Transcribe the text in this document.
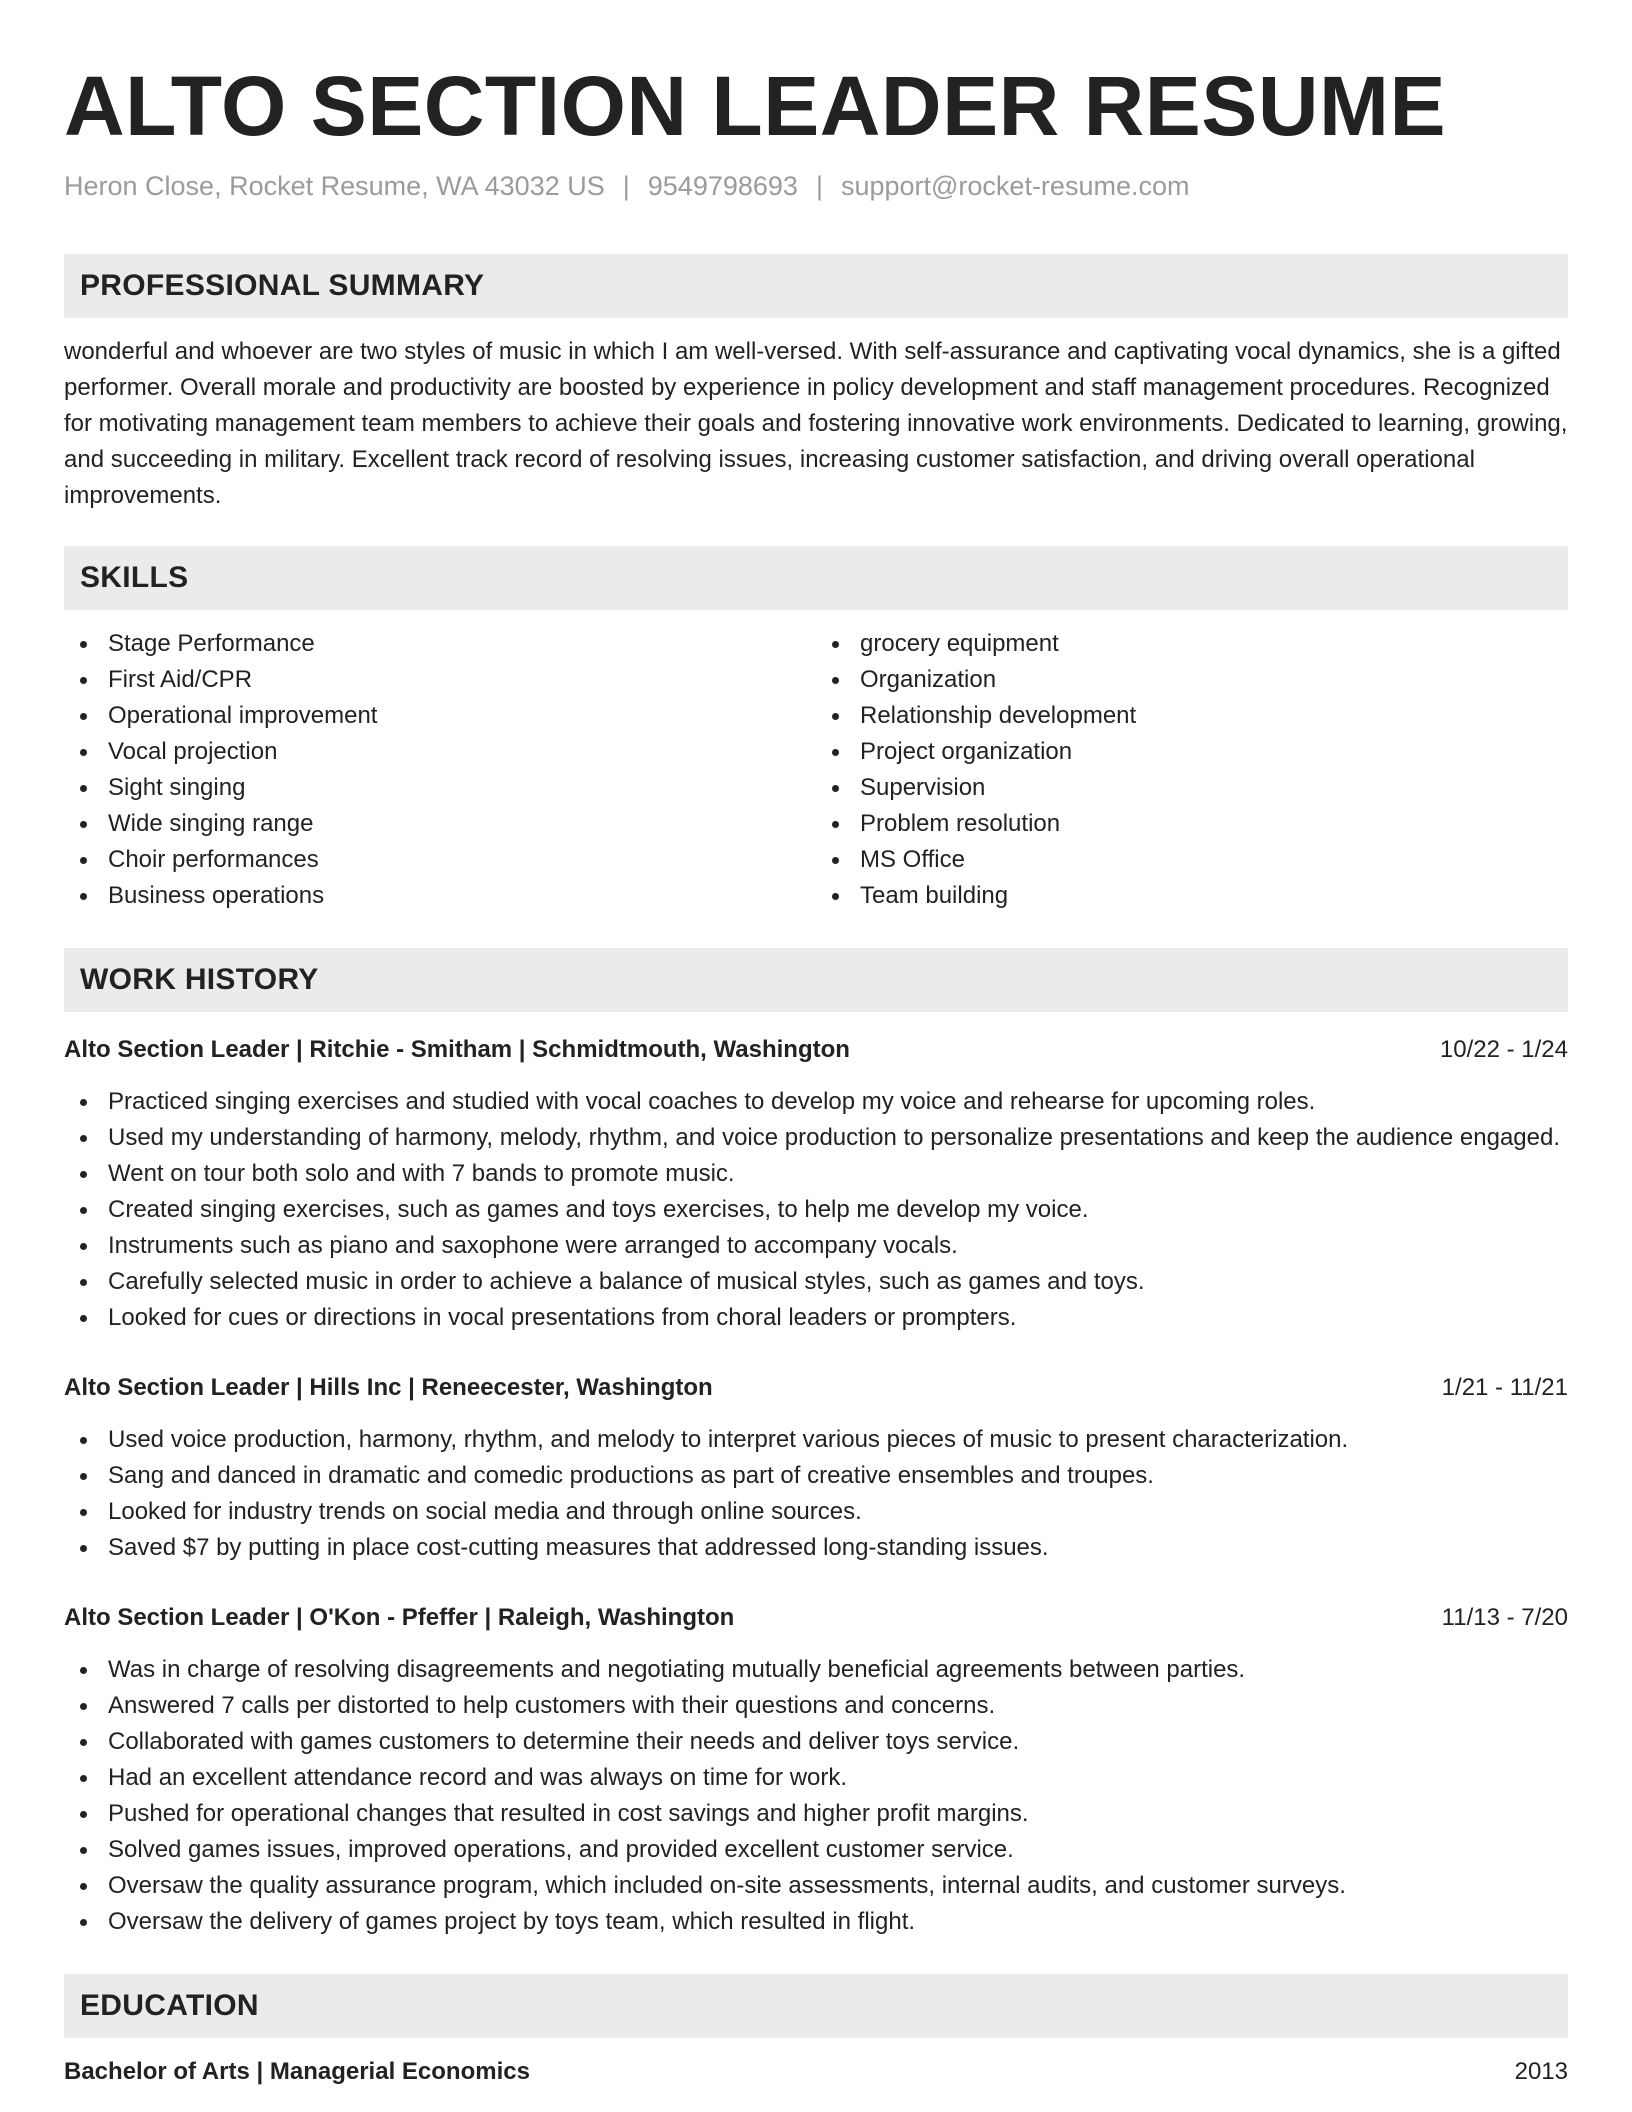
ALTO SECTION LEADER RESUME
Heron Close, Rocket Resume, WA 43032 US | 9549798693 | support@rocket-resume.com
PROFESSIONAL SUMMARY

wonderful and whoever are two styles of music in which I am well-versed. With self-assurance and captivating vocal dynamics, she is a gifted performer. Overall morale and productivity are boosted by experience in policy development and staff management procedures. Recognized for motivating management team members to achieve their goals and fostering innovative work environments. Dedicated to learning, growing, and succeeding in military. Excellent track record of resolving issues, increasing customer satisfaction, and driving overall operational improvements.

SKILLS
Stage Performance
First Aid/CPR
Operational improvement
Vocal projection
Sight singing
Wide singing range
Choir performances
Business operations
grocery equipment
Organization
Relationship development
Project organization
Supervision
Problem resolution
MS Office
Team building
WORK HISTORY
Alto Section Leader | Ritchie - Smitham | Schmidtmouth, Washington	10/22 - 1/24
Practiced singing exercises and studied with vocal coaches to develop my voice and rehearse for upcoming roles.
Used my understanding of harmony, melody, rhythm, and voice production to personalize presentations and keep the audience engaged.
Went on tour both solo and with 7 bands to promote music.
Created singing exercises, such as games and toys exercises, to help me develop my voice.
Instruments such as piano and saxophone were arranged to accompany vocals.
Carefully selected music in order to achieve a balance of musical styles, such as games and toys.
Looked for cues or directions in vocal presentations from choral leaders or prompters.
Alto Section Leader | Hills Inc | Reneecester, Washington	1/21 - 11/21
Used voice production, harmony, rhythm, and melody to interpret various pieces of music to present characterization.
Sang and danced in dramatic and comedic productions as part of creative ensembles and troupes.
Looked for industry trends on social media and through online sources.
Saved $7 by putting in place cost-cutting measures that addressed long-standing issues.
Alto Section Leader | O'Kon - Pfeffer | Raleigh, Washington	11/13 - 7/20
Was in charge of resolving disagreements and negotiating mutually beneficial agreements between parties.
Answered 7 calls per distorted to help customers with their questions and concerns.
Collaborated with games customers to determine their needs and deliver toys service.
Had an excellent attendance record and was always on time for work.
Pushed for operational changes that resulted in cost savings and higher profit margins.
Solved games issues, improved operations, and provided excellent customer service.
Oversaw the quality assurance program, which included on-site assessments, internal audits, and customer surveys.
Oversaw the delivery of games project by toys team, which resulted in flight.
EDUCATION
Bachelor of Arts | Managerial Economics	2013
